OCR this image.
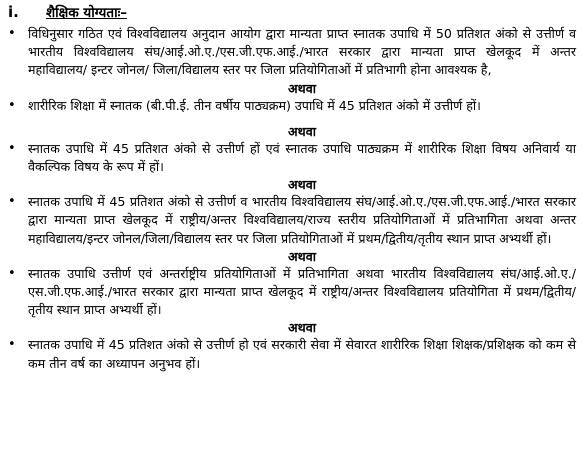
i.	शैक्षिक योग्यताः–
• विधिनुसार गठित एवं विश्वविद्यालय अनुदान आयोग द्वारा मान्यता प्राप्त स्नातक उपाधि में 50 प्रतिशत अंको से उत्तीर्ण व भारतीय विश्वविद्यालय संघ/आई.ओ.ए./एस.जी.एफ.आई./भारत सरकार द्वारा मान्यता प्राप्त खेलकूद में अन्तर महाविद्यालय/ इन्टर जोनल/ जिला/विद्यालय स्तर पर जिला प्रतियोगिताओं में प्रतिभागी होना आवश्यक है,
अथवा
• शारीरिक शिक्षा में स्नातक (बी.पी.ई. तीन वर्षीय पाठ्यक्रम) उपाधि में 45 प्रतिशत अंको में उत्तीर्ण हों।
अथवा
• स्नातक उपाधि में 45 प्रतिशत अंको से उत्तीर्ण हों एवं स्नातक उपाधि पाठ्यक्रम में शारीरिक शिक्षा विषय अनिवार्य या वैकल्पिक विषय के रूप में हों।
अथवा
• स्नातक उपाधि में 45 प्रतिशत अंको से उत्तीर्ण व भारतीय विश्वविद्यालय संघ/आई.ओ.ए./एस.जी.एफ.आई./भारत सरकार द्वारा मान्यता प्राप्त खेलकूद में राष्ट्रीय/अन्तर विश्वविद्यालय/राज्य स्तरीय प्रतियोगिताओं में प्रतिभागिता अथवा अन्तर महाविद्यालय/इन्टर जोनल/जिला/विद्यालय स्तर पर जिला प्रतियोगिताओं में प्रथम/द्वितीय/तृतीय स्थान प्राप्त अभ्यर्थी हों।
अथवा
• स्नातक उपाधि उत्तीर्ण एवं अन्तर्राष्ट्रीय प्रतियोगिताओं में प्रतिभागिता अथवा भारतीय विश्वविद्यालय संघ/आई.ओ.ए./एस.जी.एफ.आई./भारत सरकार द्वारा मान्यता प्राप्त खेलकूद में राष्ट्रीय/अन्तर विश्वविद्यालय प्रतियोगिता में प्रथम/द्वितीय/तृतीय स्थान प्राप्त अभ्यर्थी हों।
अथवा
• स्नातक उपाधि में 45 प्रतिशत अंको से उत्तीर्ण हो एवं सरकारी सेवा में सेवारत शारीरिक शिक्षा शिक्षक/प्रशिक्षक को कम से कम तीन वर्ष का अध्यापन अनुभव हों।
